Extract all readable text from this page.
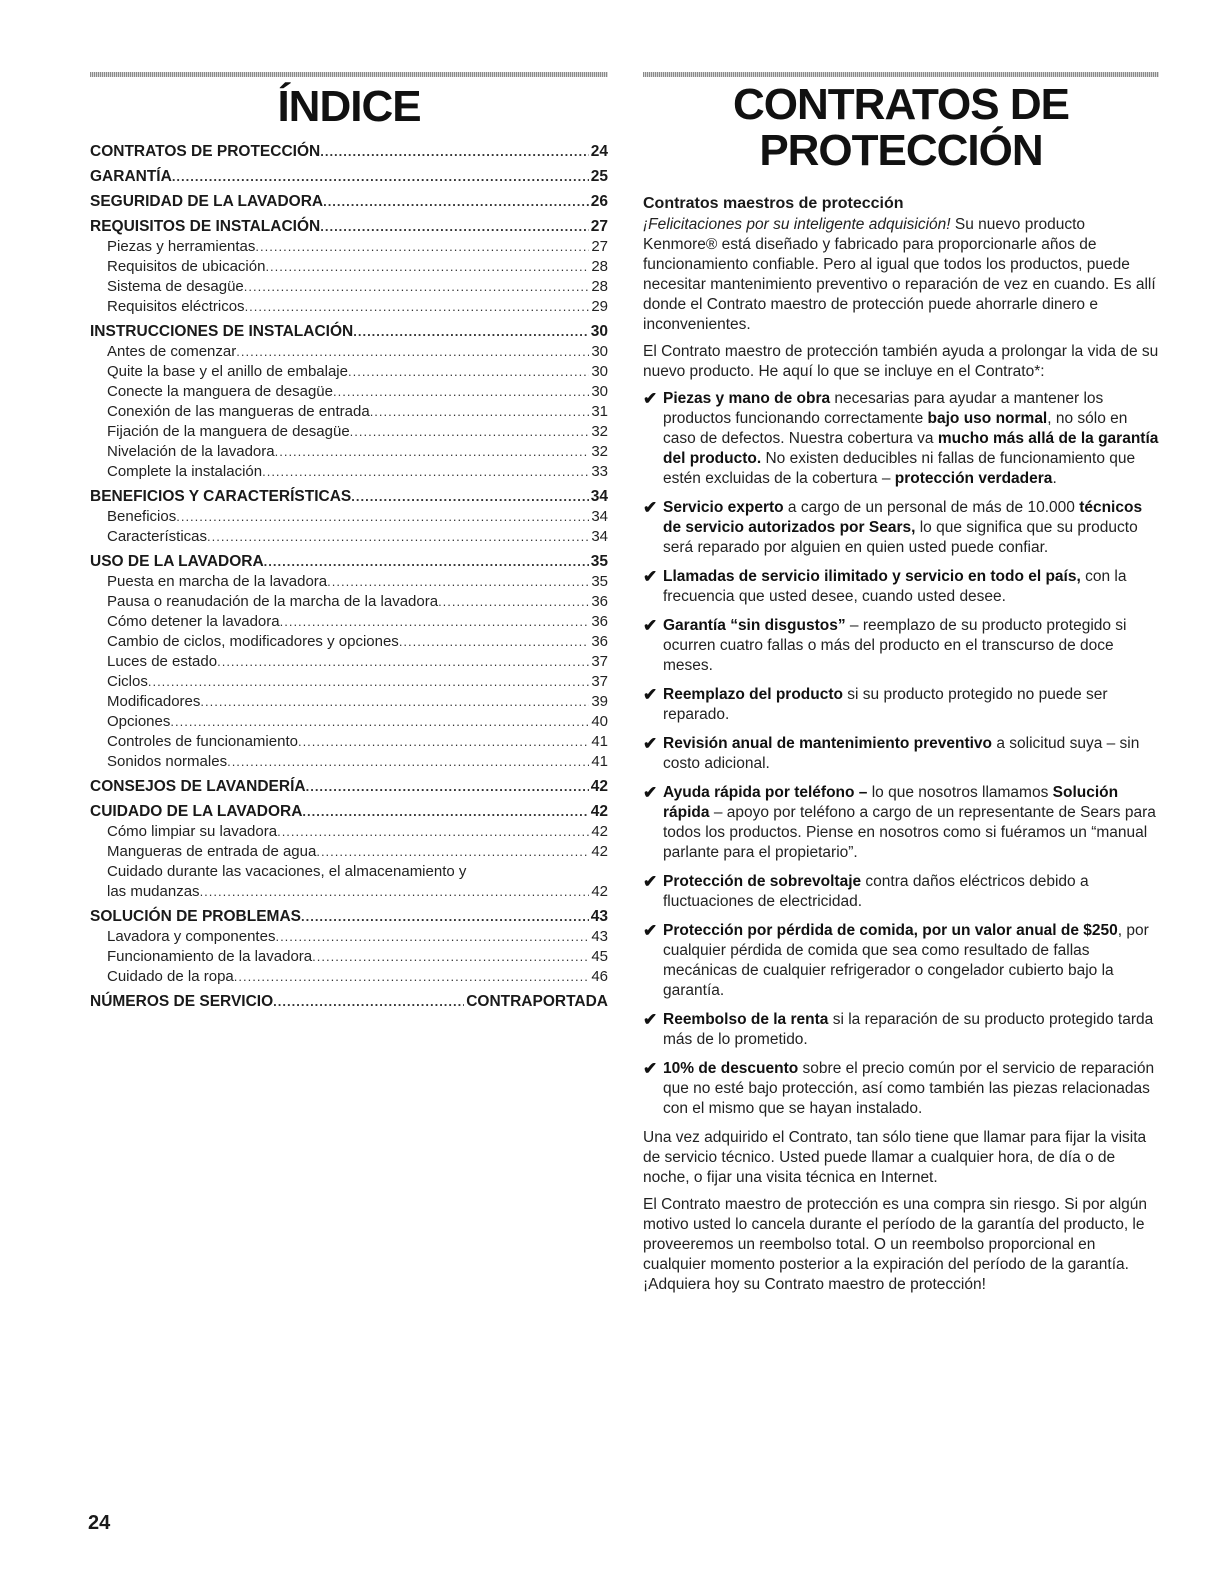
ÍNDICE
CONTRATOS DE PROTECCIÓN .....	24
GARANTÍA .....	25
SEGURIDAD DE LA LAVADORA .....	26
REQUISITOS DE INSTALACIÓN .....	27
Piezas y herramientas .....	27
Requisitos de ubicación .....	28
Sistema de desagüe .....	28
Requisitos eléctricos .....	29
INSTRUCCIONES DE INSTALACIÓN .....	30
Antes de comenzar .....	30
Quite la base y el anillo de embalaje .....	30
Conecte la manguera de desagüe .....	30
Conexión de las mangueras de entrada .....	31
Fijación de la manguera de desagüe .....	32
Nivelación de la lavadora .....	32
Complete la instalación .....	33
BENEFICIOS Y CARACTERÍSTICAS .....	34
Beneficios .....	34
Características .....	34
USO DE LA LAVADORA .....	35
Puesta en marcha de la lavadora .....	35
Pausa o reanudación de la marcha de la lavadora .....	36
Cómo detener la lavadora .....	36
Cambio de ciclos, modificadores y opciones .....	36
Luces de estado .....	37
Ciclos .....	37
Modificadores .....	39
Opciones .....	40
Controles de funcionamiento .....	41
Sonidos normales .....	41
CONSEJOS DE LAVANDERÍA .....	42
CUIDADO DE LA LAVADORA .....	42
Cómo limpiar su lavadora .....	42
Mangueras de entrada de agua .....	42
Cuidado durante las vacaciones, el almacenamiento y
las mudanzas .....	42
SOLUCIÓN DE PROBLEMAS .....	43
Lavadora y componentes .....	43
Funcionamiento de la lavadora .....	45
Cuidado de la ropa .....	46
NÚMEROS DE SERVICIO .....	CONTRAPORTADA
CONTRATOS DE
PROTECCIÓN
Contratos maestros de protección

¡Felicitaciones por su inteligente adquisición! Su nuevo producto Kenmore® está diseñado y fabricado para proporcionarle años de funcionamiento confiable. Pero al igual que todos los productos, puede necesitar mantenimiento preventivo o reparación de vez en cuando. Es allí donde el Contrato maestro de protección puede ahorrarle dinero e inconvenientes.

El Contrato maestro de protección también ayuda a prolongar la vida de su nuevo producto. He aquí lo que se incluye en el Contrato*:

✔ Piezas y mano de obra necesarias para ayudar a mantener los productos funcionando correctamente bajo uso normal, no sólo en caso de defectos. Nuestra cobertura va mucho más allá de la garantía del producto. No existen deducibles ni fallas de funcionamiento que estén excluidas de la cobertura – protección verdadera.
✔ Servicio experto a cargo de un personal de más de 10.000 técnicos de servicio autorizados por Sears, lo que significa que su producto será reparado por alguien en quien usted puede confiar.
✔ Llamadas de servicio ilimitado y servicio en todo el país, con la frecuencia que usted desee, cuando usted desee.
✔ Garantía “sin disgustos” – reemplazo de su producto protegido si ocurren cuatro fallas o más del producto en el transcurso de doce meses.
✔ Reemplazo del producto si su producto protegido no puede ser reparado.
✔ Revisión anual de mantenimiento preventivo a solicitud suya – sin costo adicional.
✔ Ayuda rápida por teléfono – lo que nosotros llamamos Solución rápida – apoyo por teléfono a cargo de un representante de Sears para todos los productos. Piense en nosotros como si fuéramos un “manual parlante para el propietario”.
✔ Protección de sobrevoltaje contra daños eléctricos debido a fluctuaciones de electricidad.
✔ Protección por pérdida de comida, por un valor anual de $250, por cualquier pérdida de comida que sea como resultado de fallas mecánicas de cualquier refrigerador o congelador cubierto bajo la garantía.
✔ Reembolso de la renta si la reparación de su producto protegido tarda más de lo prometido.
✔ 10% de descuento sobre el precio común por el servicio de reparación que no esté bajo protección, así como también las piezas relacionadas con el mismo que se hayan instalado.

Una vez adquirido el Contrato, tan sólo tiene que llamar para fijar la visita de servicio técnico. Usted puede llamar a cualquier hora, de día o de noche, o fijar una visita técnica en Internet.

El Contrato maestro de protección es una compra sin riesgo. Si por algún motivo usted lo cancela durante el período de la garantía del producto, le proveeremos un reembolso total. O un reembolso proporcional en cualquier momento posterior a la expiración del período de la garantía. ¡Adquiera hoy su Contrato maestro de protección!

24
